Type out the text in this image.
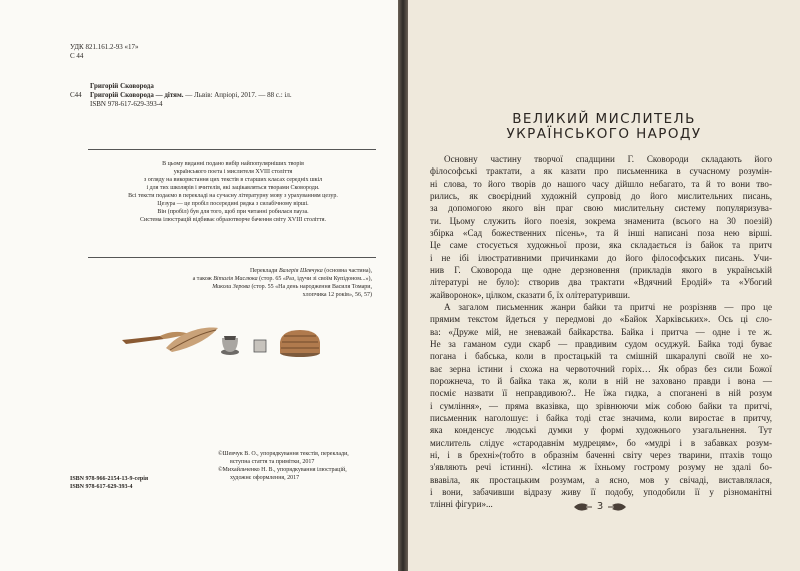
УДК 821.161.2-93 «17»
С 44
Григорій Сковорода
С44 Григорій Сковорода — дітям. — Львів: Апріорі, 2017. — 88 с.: іл.
ISBN 978-617-629-393-4
В цьому виданні подано вибір найпопулярніших творів
українського поета і мислителя XVIII століття
з огляду на використання цих текстів в старших класах середніх шкіл
і для тих школярів і вчителів, які зацікавляться творами Сковороди.
Всі тексти подаємо в перекладі на сучасну літературну мову з урахуванням цезур.
Цезура — це пробіл посередині рядка з силабічному вірші.
Він (пробіл) був для того, щоб при читанні робилася пауза.
Система ілюстрацій відбиває образотворче бачення світу XVIII століття.
Переклади Валерія Шевчука (основна частина),
а також Віталія Маслюка (стор. 65 «Раз, ідучи зі своїм Купідоном...»),
Миколи Зерова (стор. 55 «На день народження Василя Томари,
хлопчика 12 років», 56, 57)
©Шевчук В. О., упорядкування текстів, переклади,
вступна стаття та примітки, 2017
©Михайльченко Н. В., упорядкування ілюстрацій,
художнє оформлення, 2017
ISBN 978-966-2154-13-9-серія
ISBN 978-617-629-393-4
ВЕЛИКИЙ МИСЛИТЕЛЬ
УКРАЇНСЬКОГО НАРОДУ
Основну частину творчої спадщини Г. Сковороди складають його
філософські трактати, а як казати про письменника в сучасному розумін-
ні слова, то його творів до нашого часу дійшло небагато, та й то вони тво-
рились, як своєрідний художній супровід до його мислительних писань,
за допомогою якого він праг свою мислительну систему популяризува-
ти. Цьому служить його поезія, зокрема знаменита (всього на 30 поезій)
збірка «Сад божественних пісень», та й інші написані поза нею вірші.
Це саме стосується художньої прози, яка складається із байок та притч
і не ібі ілюстративними причинками до його філософських писань. Учи-
нив Г. Сковорода ще одне дерзновення (прикладів якого в українській
літературі не було): створив два трактати «Вдячний Еродій» та «Убогий
жайворонок», цілком, сказати б, їх олітературивши.
А загалом письменник жанри байки та притчі не розрізняв — про це
прямим текстом йдеться у передмові до «Байок Харківських». Ось ці сло-
ва: «Друже мій, не зневажай байкарства. Байка і притча — одне і те ж.
Не за гаманом суди скарб — правдивим судом осуджуй. Байка тоді буває
погана і бабська, коли в простацькій та смішній шкаралупі своїй не хо-
ває зерна істини і схожа на червоточний горіх… Як образ без сили Божої
порожнеча, то й байка така ж, коли в ній не заховано правди і вона —
посміє назвати її неправдивою?.. Не їжа гидка, а споганені в ній розум
і сумління», — пряма вказівка, що зрівнюючи між собою байки та притчі,
письменник наголошує: і байка тоді стає значима, коли виростає в притчу,
яка конденсує людські думки у формі художнього узагальнення. Тут
мислитель слідує «стародавнім мудрецям», бо «мудрі і в забавках розум-
ні, і в брехні»(тобто в образнім баченні світу через тварини, птахів тощо
з'являють речі істинні). «Істина ж їхньому гострому розуму не здалі бо-
ввавіла, як простацьким розумам, а ясно, мов у свічаді, виставлялася,
і вони, забачивши відразу живу її подобу, уподобили її у різноманітні
тлінні фігури»...	3
